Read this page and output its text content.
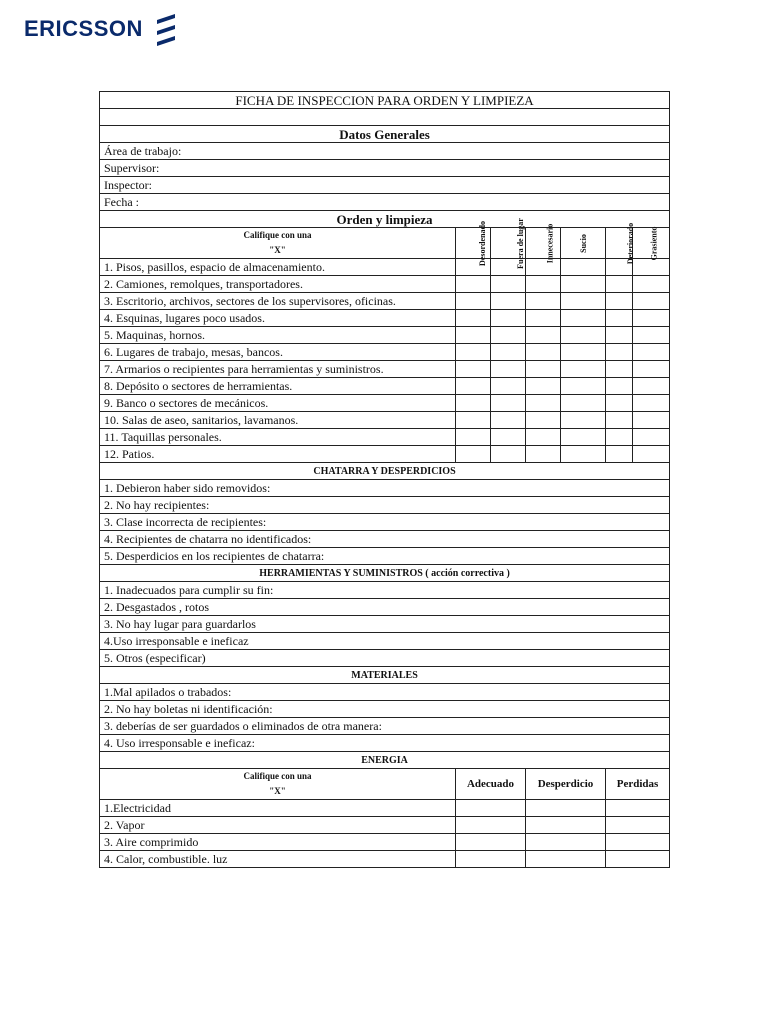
ERICSSON
FICHA DE INSPECCION PARA ORDEN Y LIMPIEZA						

Datos Generales						
Área de trabajo:						
Supervisor:						
Inspector:						
Fecha :						
Orden y limpieza						

Califique con una
"X"	Desordenado	Fuera de lugar	Innecesario	Sucio	Deteriorado	Grasiento
1. Pisos, pasillos, espacio de almacenamiento.						
2. Camiones, remolques, transportadores.						
3. Escritorio, archivos, sectores de los supervisores, oficinas.						
4. Esquinas, lugares poco usados.						
5. Maquinas, hornos.						
6. Lugares de trabajo, mesas, bancos.						
7. Armarios o recipientes para herramientas y suministros.						
8. Depósito o sectores de herramientas.						
9. Banco o sectores de mecánicos.						
10. Salas de aseo, sanitarios, lavamanos.						
11. Taquillas personales.						
12. Patios.						
CHATARRA Y DESPERDICIOS						
1. Debieron haber sido removidos:						
2. No hay recipientes:						
3. Clase incorrecta de recipientes:						
4. Recipientes de chatarra no identificados:						
5. Desperdicios en los recipientes de chatarra:						
HERRAMIENTAS Y SUMINISTROS ( acción correctiva )						
1. Inadecuados para cumplir su fin:						
2. Desgastados , rotos						
3. No hay lugar para guardarlos						
4.Uso irresponsable e ineficaz						
5. Otros (especificar)						
MATERIALES						
1.Mal apilados o trabados:						
2. No hay boletas ni identificación:						
3. deberías de ser guardados o eliminados de otra manera:						
4. Uso irresponsable e ineficaz:						
ENERGIA						

Califique con una
"X"	Adecuado		Desperdicio		Perdidas	
1.Electricidad						
2. Vapor						
3. Aire comprimido						
4. Calor, combustible. luz						
